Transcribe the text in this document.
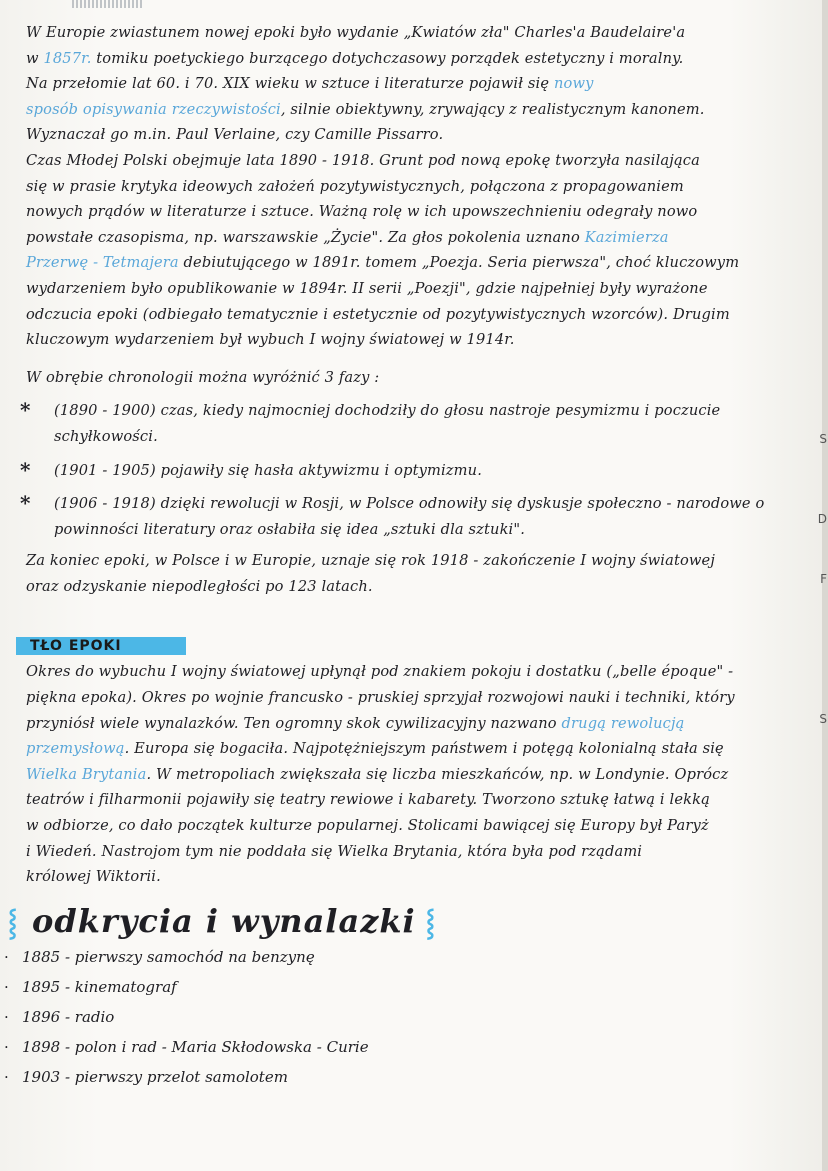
S
D
F
S
W Europie zwiastunem nowej epoki było wydanie „Kwiatów zła" Charles'a Baudelaire'a
w 1857r. tomiku poetyckiego burzącego dotychczasowy porządek estetyczny i moralny.
Na przełomie lat 60. i 70. XIX wieku w sztuce i literaturze pojawił się nowy
sposób opisywania rzeczywistości, silnie obiektywny, zrywający z realistycznym kanonem.
Wyznaczał go m.in. Paul Verlaine, czy Camille Pissarro.
Czas Młodej Polski obejmuje lata 1890 - 1918. Grunt pod nową epokę tworzyła nasilająca
się w prasie krytyka ideowych założeń pozytywistycznych, połączona z propagowaniem
nowych prądów w literaturze i sztuce. Ważną rolę w ich upowszechnieniu odegrały nowo
powstałe czasopisma, np. warszawskie „Życie". Za głos pokolenia uznano Kazimierza
Przerwę - Tetmajera debiutującego w 1891r. tomem „Poezja. Seria pierwsza", choć kluczowym
wydarzeniem było opublikowanie w 1894r. II serii „Poezji", gdzie najpełniej były wyrażone
odczucia epoki (odbiegało tematycznie i estetycznie od pozytywistycznych wzorców). Drugim
kluczowym wydarzeniem był wybuch I wojny światowej w 1914r.
W obrębie chronologii można wyróżnić 3 fazy :
*	(1890 - 1900) czas, kiedy najmocniej dochodziły do głosu nastroje pesymizmu i poczucie
schyłkowości.
*	(1901 - 1905) pojawiły się hasła aktywizmu i optymizmu.
*	(1906 - 1918) dzięki rewolucji w Rosji, w Polsce odnowiły się dyskusje społeczno - narodowe o
powinności literatury oraz osłabiła się idea „sztuki dla sztuki".
Za koniec epoki, w Polsce i w Europie, uznaje się rok 1918 - zakończenie I wojny światowej
oraz odzyskanie niepodległości po 123 latach.
TŁO EPOKI
Okres do wybuchu I wojny światowej upłynął pod znakiem pokoju i dostatku („belle époque" -
piękna epoka). Okres po wojnie francusko - pruskiej sprzyjał rozwojowi nauki i techniki, który
przyniósł wiele wynalazków. Ten ogromny skok cywilizacyjny nazwano drugą rewolucją
przemysłową. Europa się bogaciła. Najpotężniejszym państwem i potęgą kolonialną stała się
Wielka Brytania. W metropoliach zwiększała się liczba mieszkańców, np. w Londynie. Oprócz
teatrów i filharmonii pojawiły się teatry rewiowe i kabarety. Tworzono sztukę łatwą i lekką
w odbiorze, co dało początek kulturze popularnej. Stolicami bawiącej się Europy był Paryż
i Wiedeń. Nastrojom tym nie poddała się Wielka Brytania, która była pod rządami
królowej Wiktorii.
⸾ odkrycia i wynalazki ⸾
· 1885 - pierwszy samochód na benzynę
· 1895 - kinematograf
· 1896 - radio
· 1898 - polon i rad - Maria Skłodowska - Curie
· 1903 - pierwszy przelot samolotem
